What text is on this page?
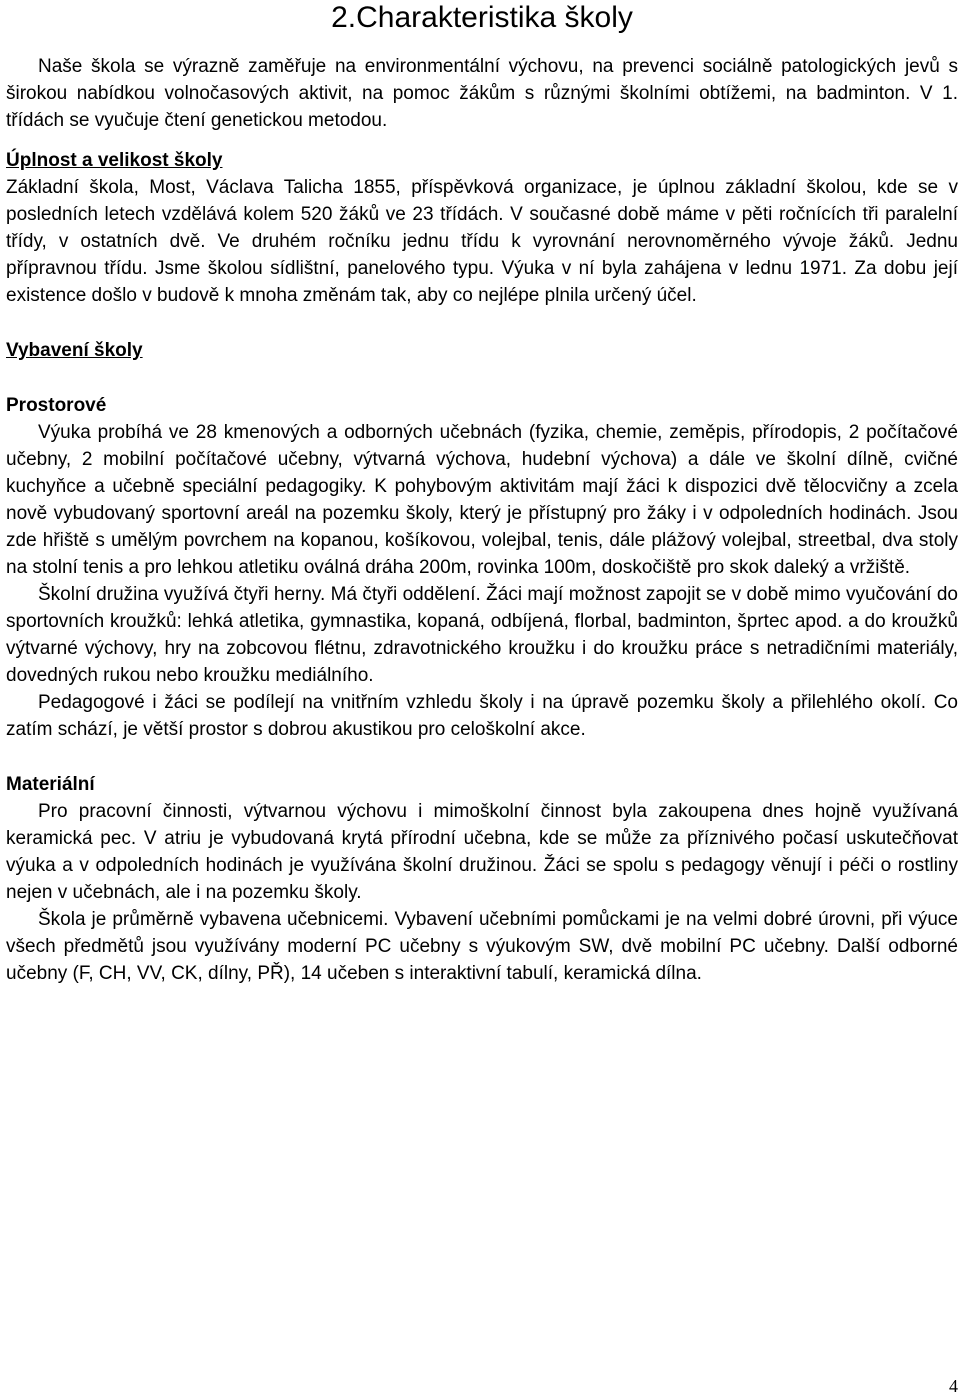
2.Charakteristika školy

Naše škola se výrazně zaměřuje na environmentální výchovu, na prevenci sociálně patologických jevů s širokou nabídkou volnočasových aktivit, na pomoc žákům s různými školními obtížemi, na badminton. V 1. třídách se vyučuje čtení genetickou metodou.

Úplnost a velikost školy

Základní škola, Most, Václava Talicha 1855, příspěvková organizace, je úplnou základní školou, kde se v posledních letech vzdělává kolem 520 žáků ve 23 třídách. V současné době máme v pěti ročnících tři paralelní třídy, v ostatních dvě. Ve druhém ročníku jednu třídu k vyrovnání nerovnoměrného vývoje žáků. Jednu přípravnou třídu. Jsme školou sídlištní, panelového typu. Výuka v ní byla zahájena v lednu 1971. Za dobu její existence došlo v budově k mnoha změnám tak, aby co nejlépe plnila určený účel.

Vybavení školy
Prostorové

Výuka probíhá ve 28 kmenových a odborných učebnách (fyzika, chemie, zeměpis, přírodopis, 2 počítačové učebny, 2 mobilní počítačové učebny, výtvarná výchova, hudební výchova) a dále ve školní dílně, cvičné kuchyňce a učebně speciální pedagogiky. K pohybovým aktivitám mají žáci k dispozici dvě tělocvičny a zcela nově vybudovaný sportovní areál na pozemku školy, který je přístupný pro žáky i v odpoledních hodinách. Jsou zde hřiště s umělým povrchem na kopanou, košíkovou, volejbal, tenis, dále plážový volejbal, streetbal, dva stoly na stolní tenis a pro lehkou atletiku oválná dráha 200m, rovinka 100m, doskočiště pro skok daleký a vržiště.

Školní družina využívá čtyři herny. Má čtyři oddělení. Žáci mají možnost zapojit se v době mimo vyučování do sportovních kroužků: lehká atletika, gymnastika, kopaná, odbíjená, florbal, badminton, šprtec apod. a do kroužků výtvarné výchovy, hry na zobcovou flétnu, zdravotnického kroužku i do kroužku práce s netradičními materiály, dovedných rukou nebo kroužku mediálního.

Pedagogové i žáci se podílejí na vnitřním vzhledu školy i na úpravě pozemku školy a přilehlého okolí. Co zatím schází, je větší prostor s dobrou akustikou pro celoškolní akce.

Materiální

Pro pracovní činnosti, výtvarnou výchovu i mimoškolní činnost byla zakoupena dnes hojně využívaná keramická pec. V atriu je vybudovaná krytá přírodní učebna, kde se může za příznivého počasí uskutečňovat výuka a v odpoledních hodinách je využívána školní družinou. Žáci se spolu s pedagogy věnují i péči o rostliny nejen v učebnách, ale i na pozemku školy.

Škola je průměrně vybavena učebnicemi. Vybavení učebními pomůckami je na velmi dobré úrovni, při výuce všech předmětů jsou využívány moderní PC učebny s výukovým SW, dvě mobilní PC učebny. Další odborné učebny (F, CH, VV, CK, dílny, PŘ), 14 učeben s interaktivní tabulí, keramická dílna.

4
